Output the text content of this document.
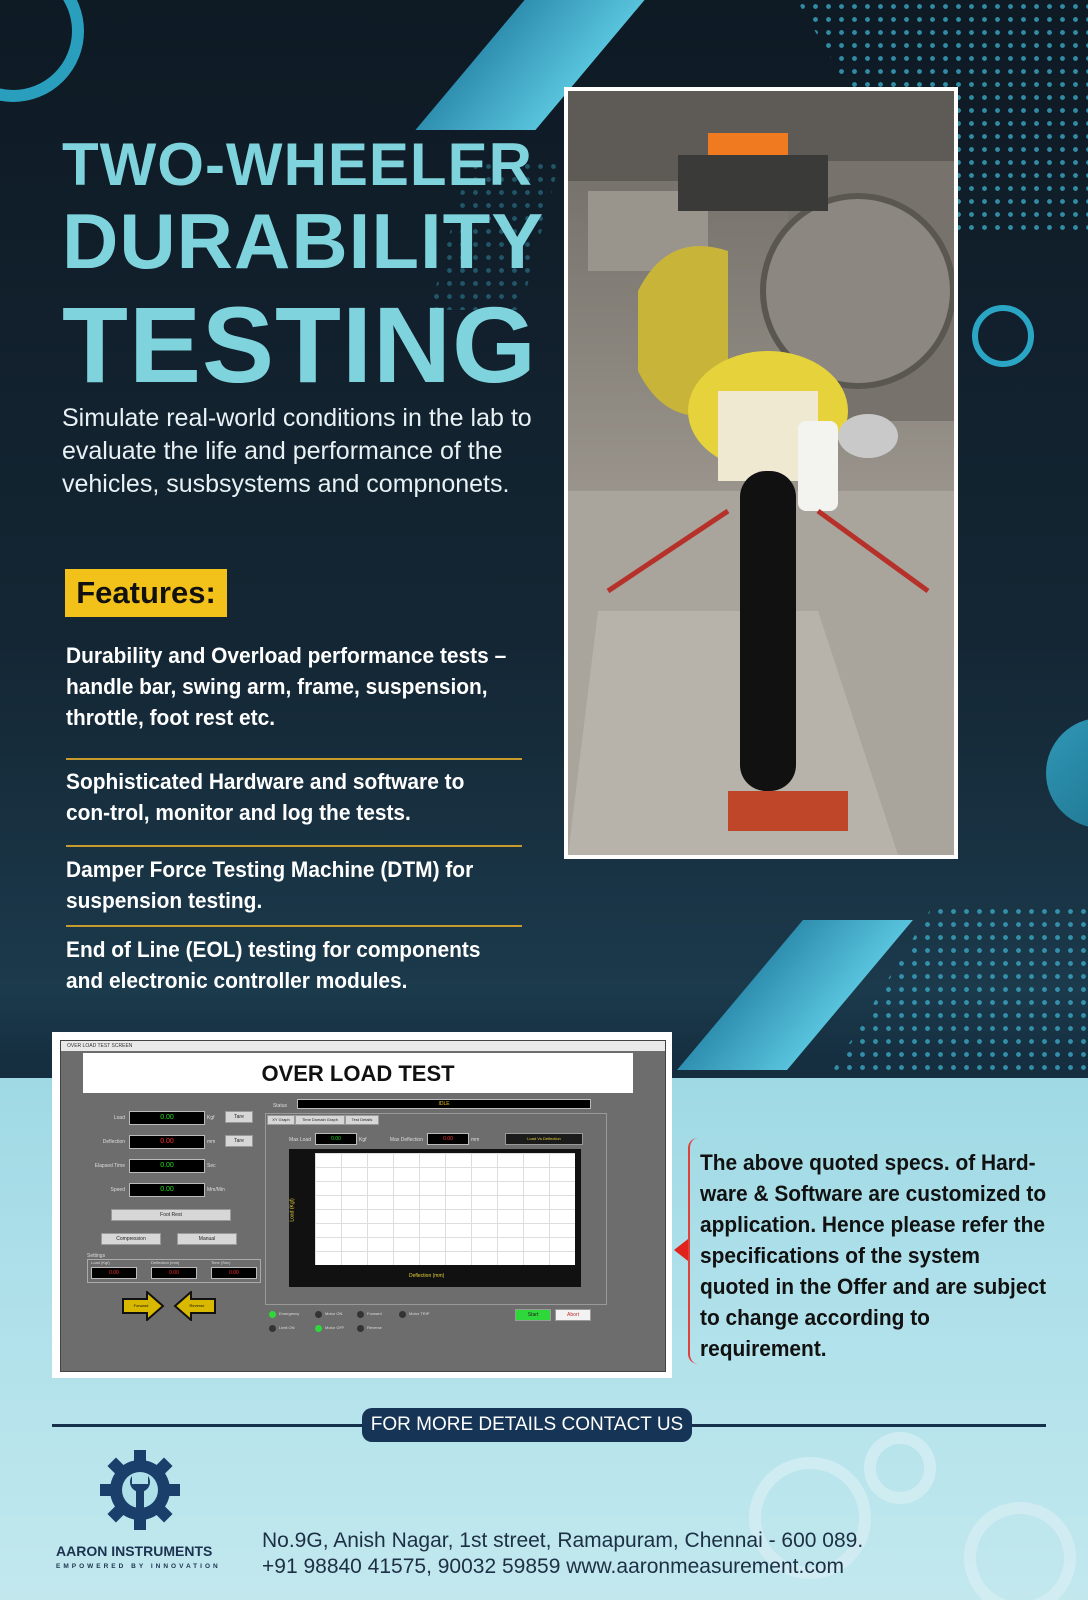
TWO-WHEELER
DURABILITY
TESTING
Simulate real-world conditions in the lab to evaluate the life and performance of the vehicles, susbsystems and compnonets.
Features:
Durability and Overload performance tests – handle bar, swing arm, frame, suspension, throttle, foot rest etc.
Sophisticated Hardware and software to con-trol, monitor and log the tests.
Damper Force Testing Machine (DTM) for suspension testing.
End of Line (EOL) testing for components and electronic controller modules.
OVER LOAD TEST SCREEN
OVER LOAD TEST
Status	IDLE
Load	0.00	Kgf	Tare
Deflection	0.00	mm	Tare
Elapsed Time	0.00	Sec
Speed	0.00	Mm/Min
Foot Rest
Compression	Manual
Settings
Load (Kgf)	Deflection (mm)	Time (Sec)
0.00	0.00	0.00
Forward	Reverse
XY Graph	Time Domain Graph	Test Details
Max Load	0.00	Kgf	Max Deflection	0.00	mm	Load Vs Deflection
Load (Kgf)
Deflection (mm)
Emergency	Motor ON	Forward	Motor TRIP
Limit ON	Motor OFF	Reverse
Start	Abort
The above quoted specs. of Hard-ware & Software are customized to application. Hence please refer the specifications of the system quoted in the Offer and are subject to change according to requirement.
FOR MORE DETAILS CONTACT US
AARON INSTRUMENTS
EMPOWERED BY INNOVATION
No.9G, Anish Nagar, 1st street, Ramapuram, Chennai - 600 089.
+91 98840 41575, 90032 59859 www.aaronmeasurement.com
